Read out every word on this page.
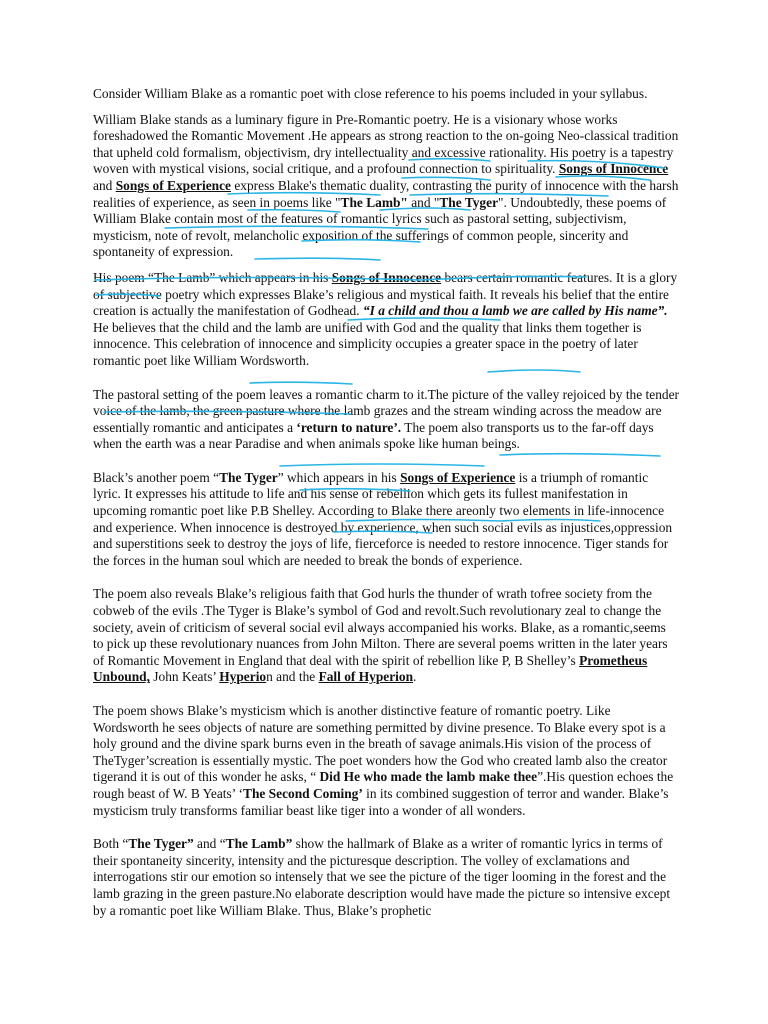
Consider William Blake as a romantic poet with close reference to his poems included in your syllabus.

William Blake stands as a luminary figure in Pre-Romantic poetry. He is a visionary whose works foreshadowed the Romantic Movement .He appears as strong reaction to the on-going Neo-classical tradition that upheld cold formalism, objectivism, dry intellectuality and excessive rationality. His poetry is a tapestry woven with mystical visions, social critique, and a profound connection to spirituality. Songs of Innocence and Songs of Experience express Blake's thematic duality, contrasting the purity of innocence with the harsh realities of experience, as seen in poems like "The Lamb" and "The Tyger". Undoubtedly, these poems of William Blake contain most of the features of romantic lyrics such as pastoral setting, subjectivism, mysticism, note of revolt, melancholic exposition of the sufferings of common people, sincerity and spontaneity of expression.

His poem “The Lamb” which appears in his Songs of Innocence bears certain romantic features. It is a glory of subjective poetry which expresses Blake’s religious and mystical faith. It reveals his belief that the entire creation is actually the manifestation of Godhead. “I a child and thou a lamb we are called by His name”. He believes that the child and the lamb are unified with God and the quality that links them together is innocence. This celebration of innocence and simplicity occupies a greater space in the poetry of later romantic poet like William Wordsworth.

The pastoral setting of the poem leaves a romantic charm to it.The picture of the valley rejoiced by the tender voice of the lamb, the green pasture where the lamb grazes and the stream winding across the meadow are essentially romantic and anticipates a ‘return to nature’. The poem also transports us to the far-off days when the earth was a near Paradise and when animals spoke like human beings.

Black’s another poem “The Tyger” which appears in his Songs of Experience is a triumph of romantic lyric. It expresses his attitude to life and his sense of rebellion which gets its fullest manifestation in upcoming romantic poet like P.B Shelley. According to Blake there areonly two elements in life-innocence and experience. When innocence is destroyed by experience, when such social evils as injustices,oppression and superstitions seek to destroy the joys of life, fierceforce is needed to restore innocence. Tiger stands for the forces in the human soul which are needed to break the bonds of experience.

The poem also reveals Blake’s religious faith that God hurls the thunder of wrath tofree society from the cobweb of the evils .The Tyger is Blake’s symbol of God and revolt.Such revolutionary zeal to change the society, avein of criticism of several social evil always accompanied his works. Blake, as a romantic,seems to pick up these revolutionary nuances from John Milton. There are several poems written in the later years of Romantic Movement in England that deal with the spirit of rebellion like P, B Shelley’s Prometheus Unbound, John Keats’ Hyperion and the Fall of Hyperion.

The poem shows Blake’s mysticism which is another distinctive feature of romantic poetry. Like Wordsworth he sees objects of nature are something permitted by divine presence. To Blake every spot is a holy ground and the divine spark burns even in the breath of savage animals.His vision of the process of TheTyger’screation is essentially mystic. The poet wonders how the God who created lamb also the creator tigerand it is out of this wonder he asks, “ Did He who made the lamb make thee”.His question echoes the rough beast of W. B Yeats’ ‘The Second Coming’ in its combined suggestion of terror and wander. Blake’s mysticism truly transforms familiar beast like tiger into a wonder of all wonders.

Both “The Tyger” and “The Lamb” show the hallmark of Blake as a writer of romantic lyrics in terms of their spontaneity sincerity, intensity and the picturesque description. The volley of exclamations and interrogations stir our emotion so intensely that we see the picture of the tiger looming in the forest and the lamb grazing in the green pasture.No elaborate description would have made the picture so intensive except by a romantic poet like William Blake. Thus, Blake’s prophetic
